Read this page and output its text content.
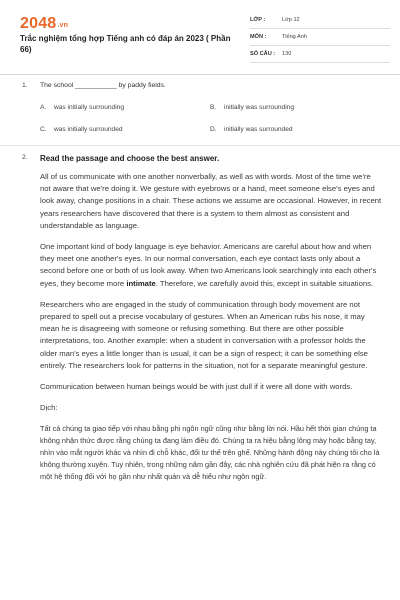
2048.vn
Trắc nghiệm tổng hợp Tiếng anh có đáp án 2023 ( Phần 66)
LỚP :	Lớp 12
MÔN :	Tiếng Anh
SỐ CÂU :	130
1. The school ___________ by paddy fields.
A. was initially surrounding	B. initially was surrounding
C. was initially surrounded	D. initially was surrounded
2. Read the passage and choose the best answer.

All of us communicate with one another nonverbally, as well as with words. Most of the time we're not aware that we're doing it. We gesture with eyebrows or a hand, meet someone else's eyes and look away, change positions in a chair. These actions we assume are occasional. However, in recent years researchers have discovered that there is a system to them almost as consistent and understandable as language.

One important kind of body language is eye behavior. Americans are careful about how and when they meet one another's eyes. In our normal conversation, each eye contact lasts only about a second before one or both of us look away. When two Americans look searchingly into each other's eyes, they become more intimate. Therefore, we carefully avoid this, except in suitable situations.

Researchers who are engaged in the study of communication through body movement are not prepared to spell out a precise vocabulary of gestures. When an American rubs his nose, it may mean he is disagreeing with someone or refusing something. But there are other possible interpretations, too. Another example: when a student in conversation with a professor holds the older man's eyes a little longer than is usual, it can be a sign of respect; it can be something else entirely. The researchers look for patterns in the situation, not for a separate meaningful gesture.

Communication between human beings would be with just dull if it were all done with words.

Dịch:

Tất cả chúng ta giao tiếp với nhau bằng phi ngôn ngữ cũng như bằng lời nói. Hầu hết thời gian chúng ta không nhận thức được rằng chúng ta đang làm điều đó. Chúng ta ra hiệu bằng lông mày hoặc bằng tay, nhìn vào mắt người khác và nhìn đi chỗ khác, đổi tư thế trên ghế. Những hành động này chúng tôi cho là không thường xuyên. Tuy nhiên, trong những năm gần đây, các nhà nghiên cứu đã phát hiện ra rằng có một hệ thống đối với họ gần như nhất quán và dễ hiểu như ngôn ngữ.
